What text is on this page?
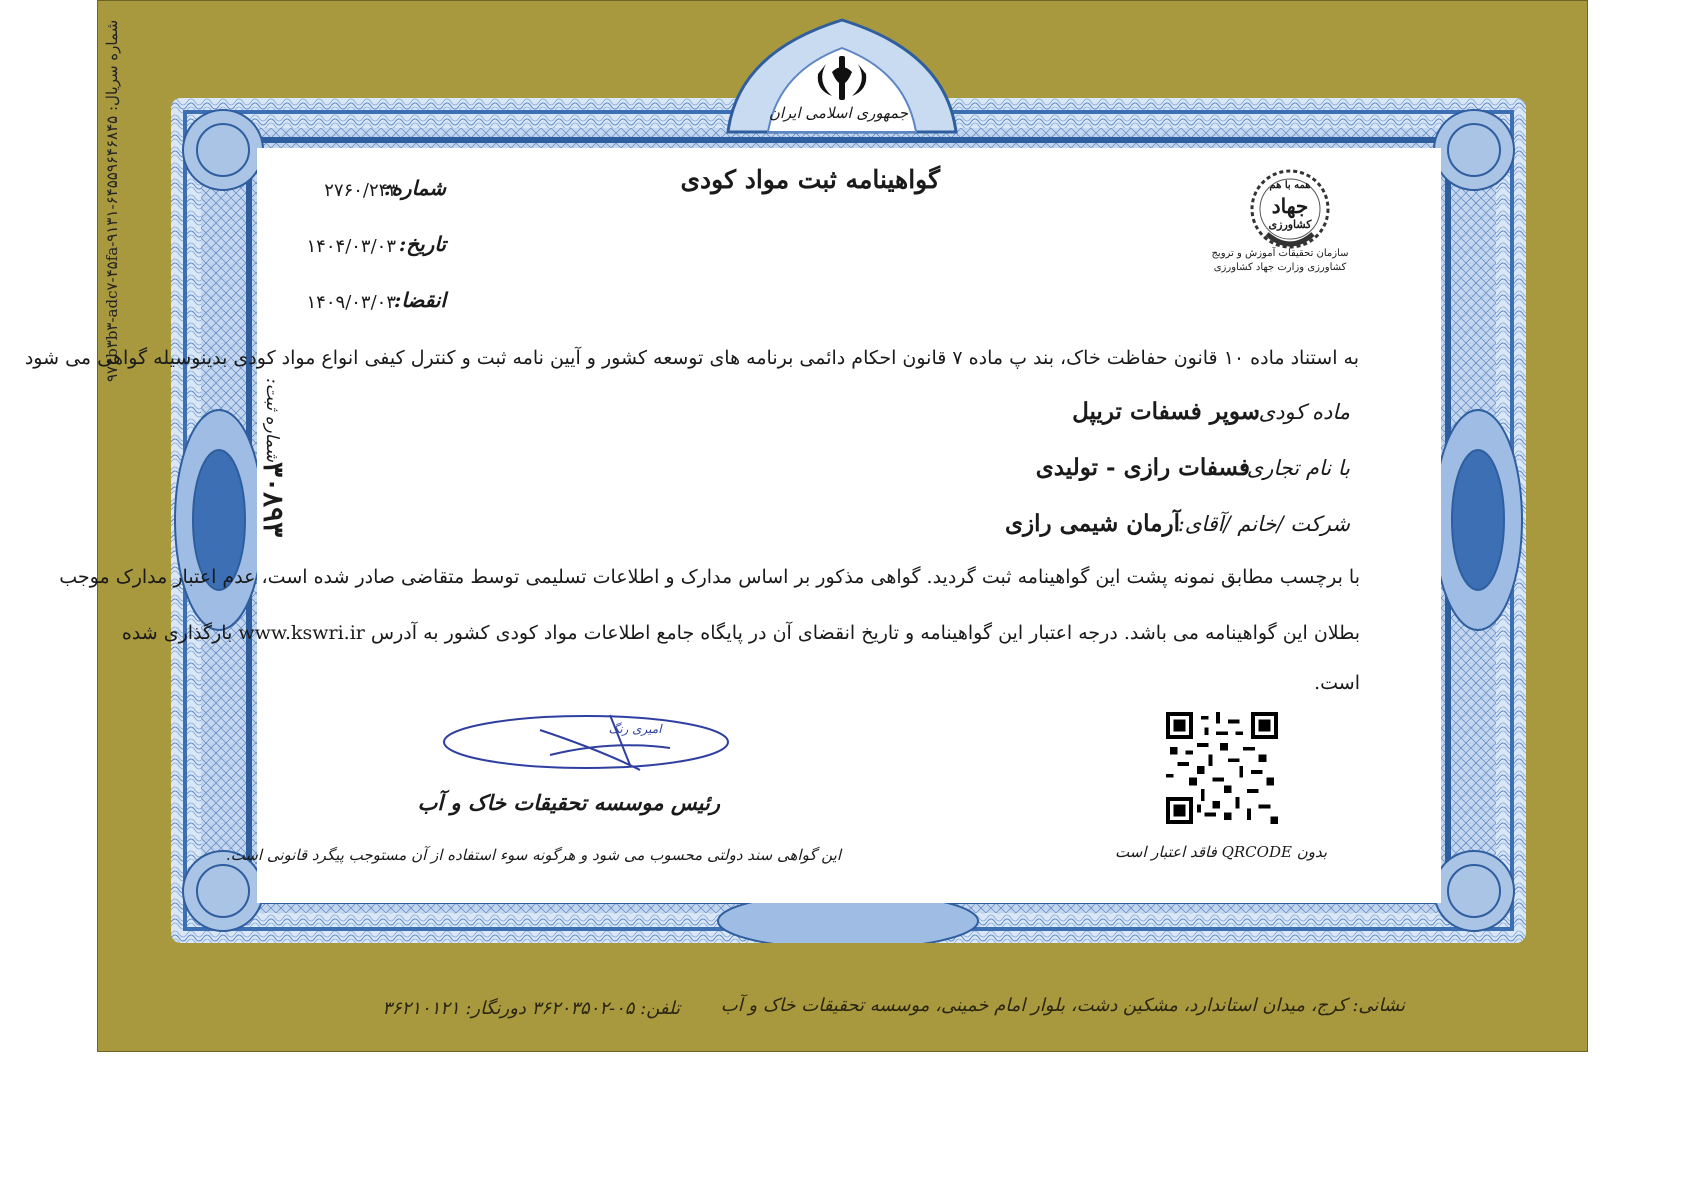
شماره سریال: ۹۷۴b۳b۳-adc۷-۴۵fa-۹۱۳۱-۶۴۵۵۹۶۴۶۸۴۵	جمهوری اسلامی ایران
همه با هم
جهاد
کشاورزی
سازمان تحقیقات آموزش و ترویج
کشاورزی وزارت جهاد کشاورزی
گواهینامه ثبت مواد کودی
شماره:
۲۷۶۰/۲۴۳
تاریخ:
۱۴۰۴/۰۳/۰۳
انقضا:
۱۴۰۹/۰۳/۰۳
شماره ثبت:
۳۰۸۹۳
به استناد ماده ۱۰ قانون حفاظت خاک، بند پ ماده ۷ قانون احکام دائمی برنامه های توسعه کشور و آیین نامه ثبت و کنترل کیفی انواع مواد کودی بدینوسیله گواهی می شود
ماده کودی:
سوپر فسفات تریپل
با نام تجاری:
فسفات رازی - تولیدی
شرکت /خانم /آقای:
آرمان شیمی رازی
با برچسب مطابق نمونه پشت این گواهینامه ثبت گردید. گواهی مذکور بر اساس مدارک و اطلاعات تسلیمی توسط متقاضی صادر شده است، عدم اعتبار مدارک موجب
بطلان این گواهینامه می باشد. درجه اعتبار این گواهینامه و تاریخ انقضای آن در پایگاه جامع اطلاعات مواد کودی کشور به آدرس www.kswri.ir بارگذاری شده
است.
امیری رنگ
رئیس موسسه تحقیقات خاک و آب
این گواهی سند دولتی محسوب می شود و هرگونه سوء استفاده از آن مستوجب پیگرد قانونی است.	بدون QRCODE فاقد اعتبار است
نشانی: کرج، میدان استاندارد، مشکین دشت، بلوار امام خمینی، موسسه تحقیقات خاک و آب
تلفن: ۰۵-۳۶۲۰۳۵۰۲ دورنگار: ۳۶۲۱۰۱۲۱
